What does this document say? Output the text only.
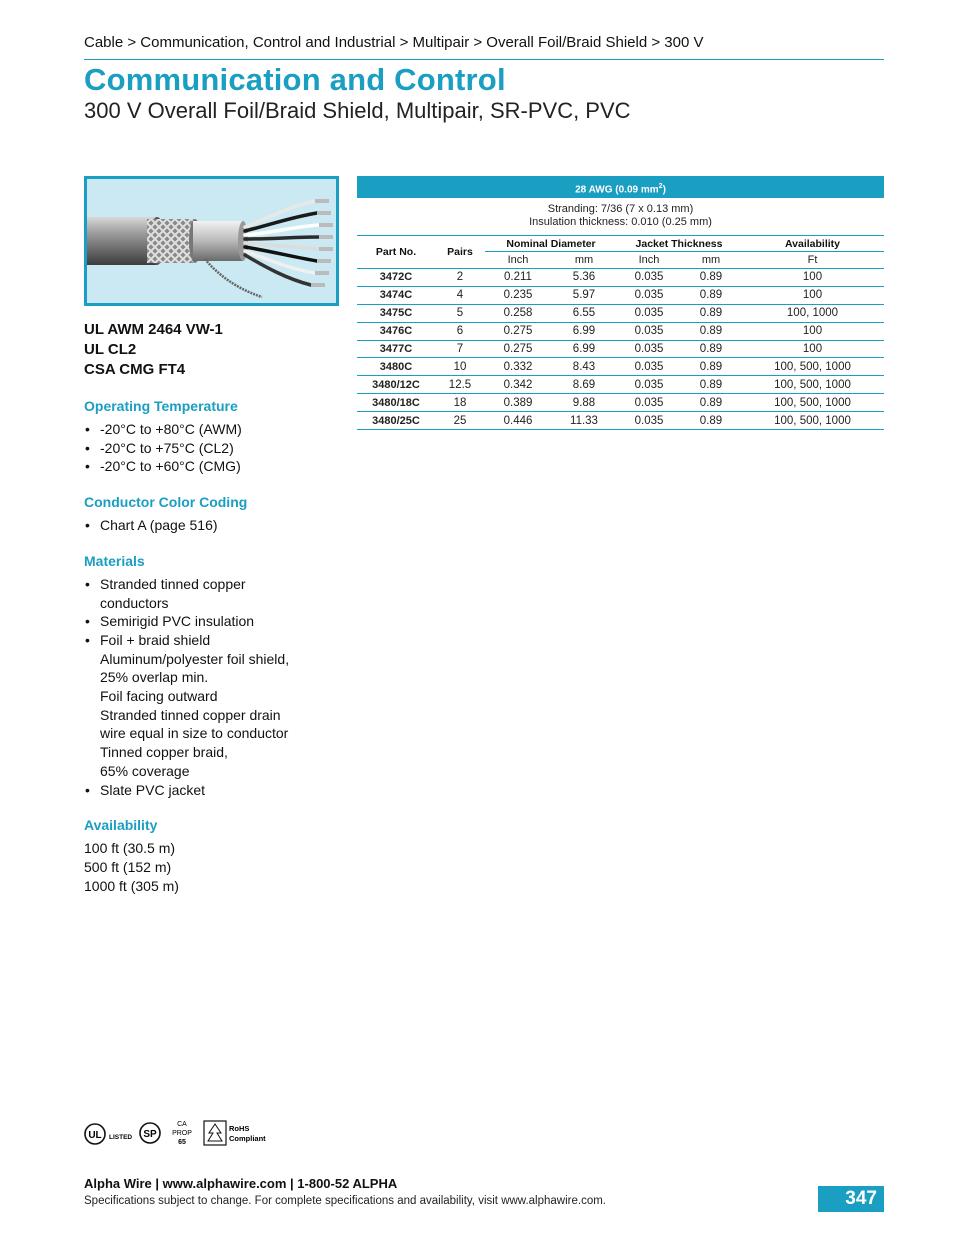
Cable > Communication, Control and Industrial > Multipair > Overall Foil/Braid Shield > 300 V
Communication and Control
300 V Overall Foil/Braid Shield, Multipair, SR-PVC, PVC
UL AWM 2464 VW-1
UL CL2
CSA CMG FT4
Operating Temperature
• -20°C to +80°C (AWM)
• -20°C to +75°C (CL2)
• -20°C to +60°C (CMG)
Conductor Color Coding
• Chart A (page 516)
Materials
• Stranded tinned copper
conductors
• Semirigid PVC insulation
• Foil + braid shield
Aluminum/polyester foil shield,
25% overlap min.
Foil facing outward
Stranded tinned copper drain
wire equal in size to conductor
Tinned copper braid,
65% coverage
• Slate PVC jacket
Availability
100 ft (30.5 m)
500 ft (152 m)
1000 ft (305 m)
28 AWG (0.09 $mm^2$)
Stranding: 7/36 (7 x 0.13 mm)
Insulation thickness: 0.010 (0.25 mm)
Part No.	Pairs	Nominal Diameter		Jacket Thickness		Availability
		Inch	mm	Inch	mm	Ft
3472C	2	0.211	5.36	0.035	0.89	100
3474C	4	0.235	5.97	0.035	0.89	100
3475C	5	0.258	6.55	0.035	0.89	100, 1000
3476C	6	0.275	6.99	0.035	0.89	100
3477C	7	0.275	6.99	0.035	0.89	100
3480C	10	0.332	8.43	0.035	0.89	100, 500, 1000
3480/12C	12.5	0.342	8.69	0.035	0.89	100, 500, 1000
3480/18C	18	0.389	9.88	0.035	0.89	100, 500, 1000
3480/25C	25	0.446	11.33	0.035	0.89	100, 500, 1000
UL LISTED SP
CA
PROP
65
RoHS
Compliant
Alpha Wire | www.alphawire.com | 1-800-52 ALPHA
Specifications subject to change. For complete specifications and availability, visit www.alphawire.com.	347
